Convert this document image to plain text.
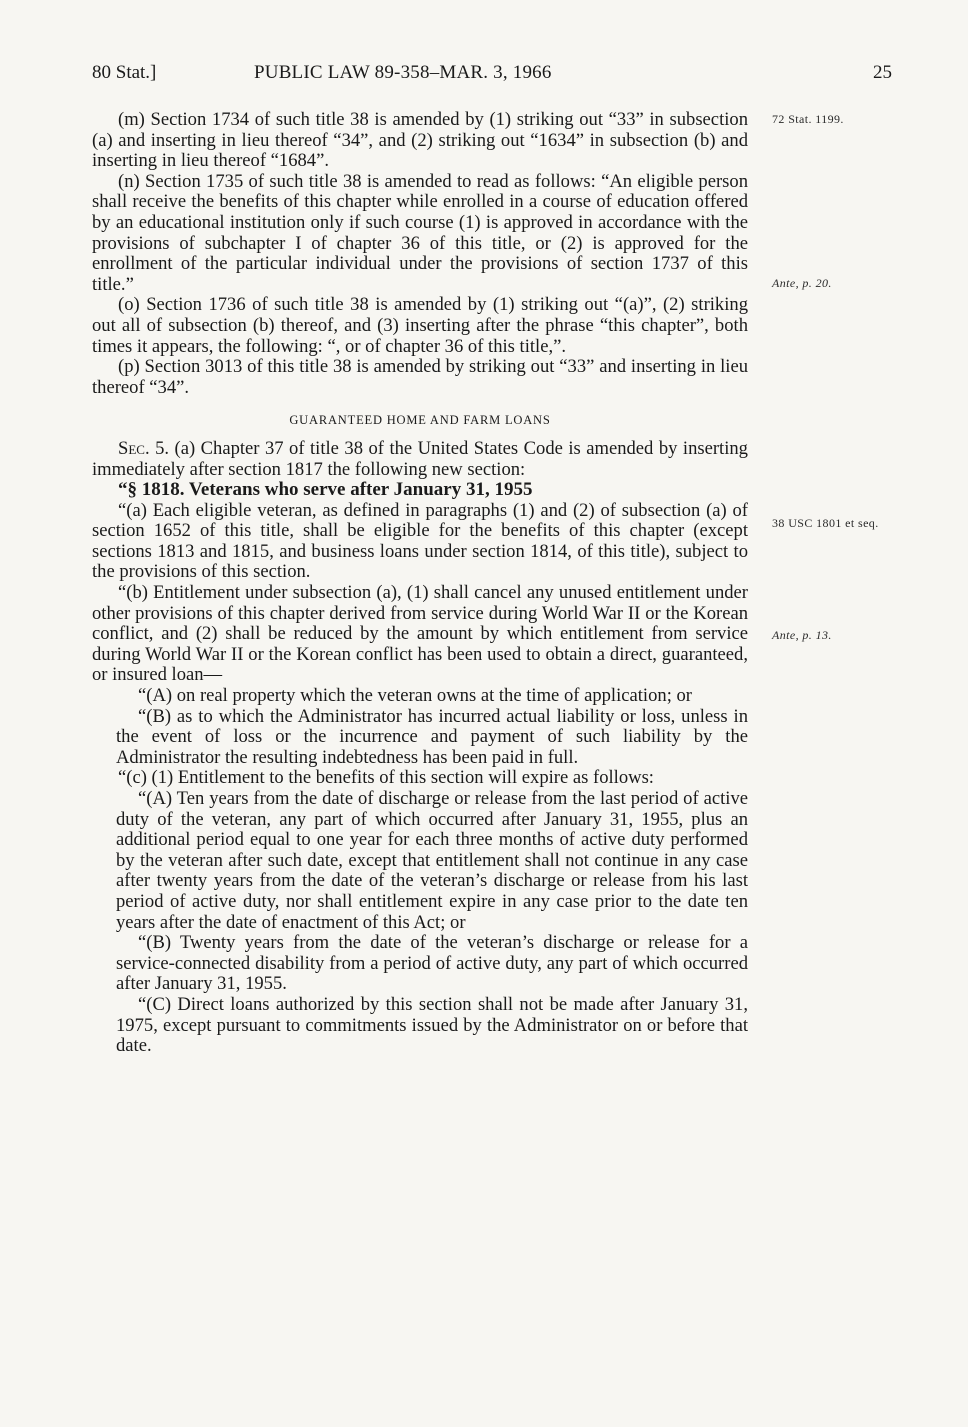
80 Stat.]	PUBLIC LAW 89-358–MAR. 3, 1966	25
72 Stat. 1199.
Ante, p. 20.
38 USC 1801 et seq.
Ante, p. 13.

(m) Section 1734 of such title 38 is amended by (1) striking out “33” in subsection (a) and inserting in lieu thereof “34”, and (2) striking out “1634” in subsection (b) and inserting in lieu thereof “1684”.

(n) Section 1735 of such title 38 is amended to read as follows: “An eligible person shall receive the benefits of this chapter while enrolled in a course of education offered by an educational institution only if such course (1) is approved in accordance with the provisions of subchapter I of chapter 36 of this title, or (2) is approved for the enrollment of the particular individual under the provisions of section 1737 of this title.”

(o) Section 1736 of such title 38 is amended by (1) striking out “(a)”, (2) striking out all of subsection (b) thereof, and (3) inserting after the phrase “this chapter”, both times it appears, the following: “, or of chapter 36 of this title,”.

(p) Section 3013 of this title 38 is amended by striking out “33” and inserting in lieu thereof “34”.

GUARANTEED HOME AND FARM LOANS

Sec. 5. (a) Chapter 37 of title 38 of the United States Code is amended by inserting immediately after section 1817 the following new section:

“§ 1818. Veterans who serve after January 31, 1955

“(a) Each eligible veteran, as defined in paragraphs (1) and (2) of subsection (a) of section 1652 of this title, shall be eligible for the benefits of this chapter (except sections 1813 and 1815, and business loans under section 1814, of this title), subject to the provisions of this section.

“(b) Entitlement under subsection (a), (1) shall cancel any unused entitlement under other provisions of this chapter derived from service during World War II or the Korean conflict, and (2) shall be reduced by the amount by which entitlement from service during World War II or the Korean conflict has been used to obtain a direct, guaranteed, or insured loan—

“(A) on real property which the veteran owns at the time of application; or

“(B) as to which the Administrator has incurred actual liability or loss, unless in the event of loss or the incurrence and payment of such liability by the Administrator the resulting indebtedness has been paid in full.

“(c) (1) Entitlement to the benefits of this section will expire as follows:

“(A) Ten years from the date of discharge or release from the last period of active duty of the veteran, any part of which occurred after January 31, 1955, plus an additional period equal to one year for each three months of active duty performed by the veteran after such date, except that entitlement shall not continue in any case after twenty years from the date of the veteran’s discharge or release from his last period of active duty, nor shall entitlement expire in any case prior to the date ten years after the date of enactment of this Act; or

“(B) Twenty years from the date of the veteran’s discharge or release for a service-connected disability from a period of active duty, any part of which occurred after January 31, 1955.

“(C) Direct loans authorized by this section shall not be made after January 31, 1975, except pursuant to commitments issued by the Administrator on or before that date.
